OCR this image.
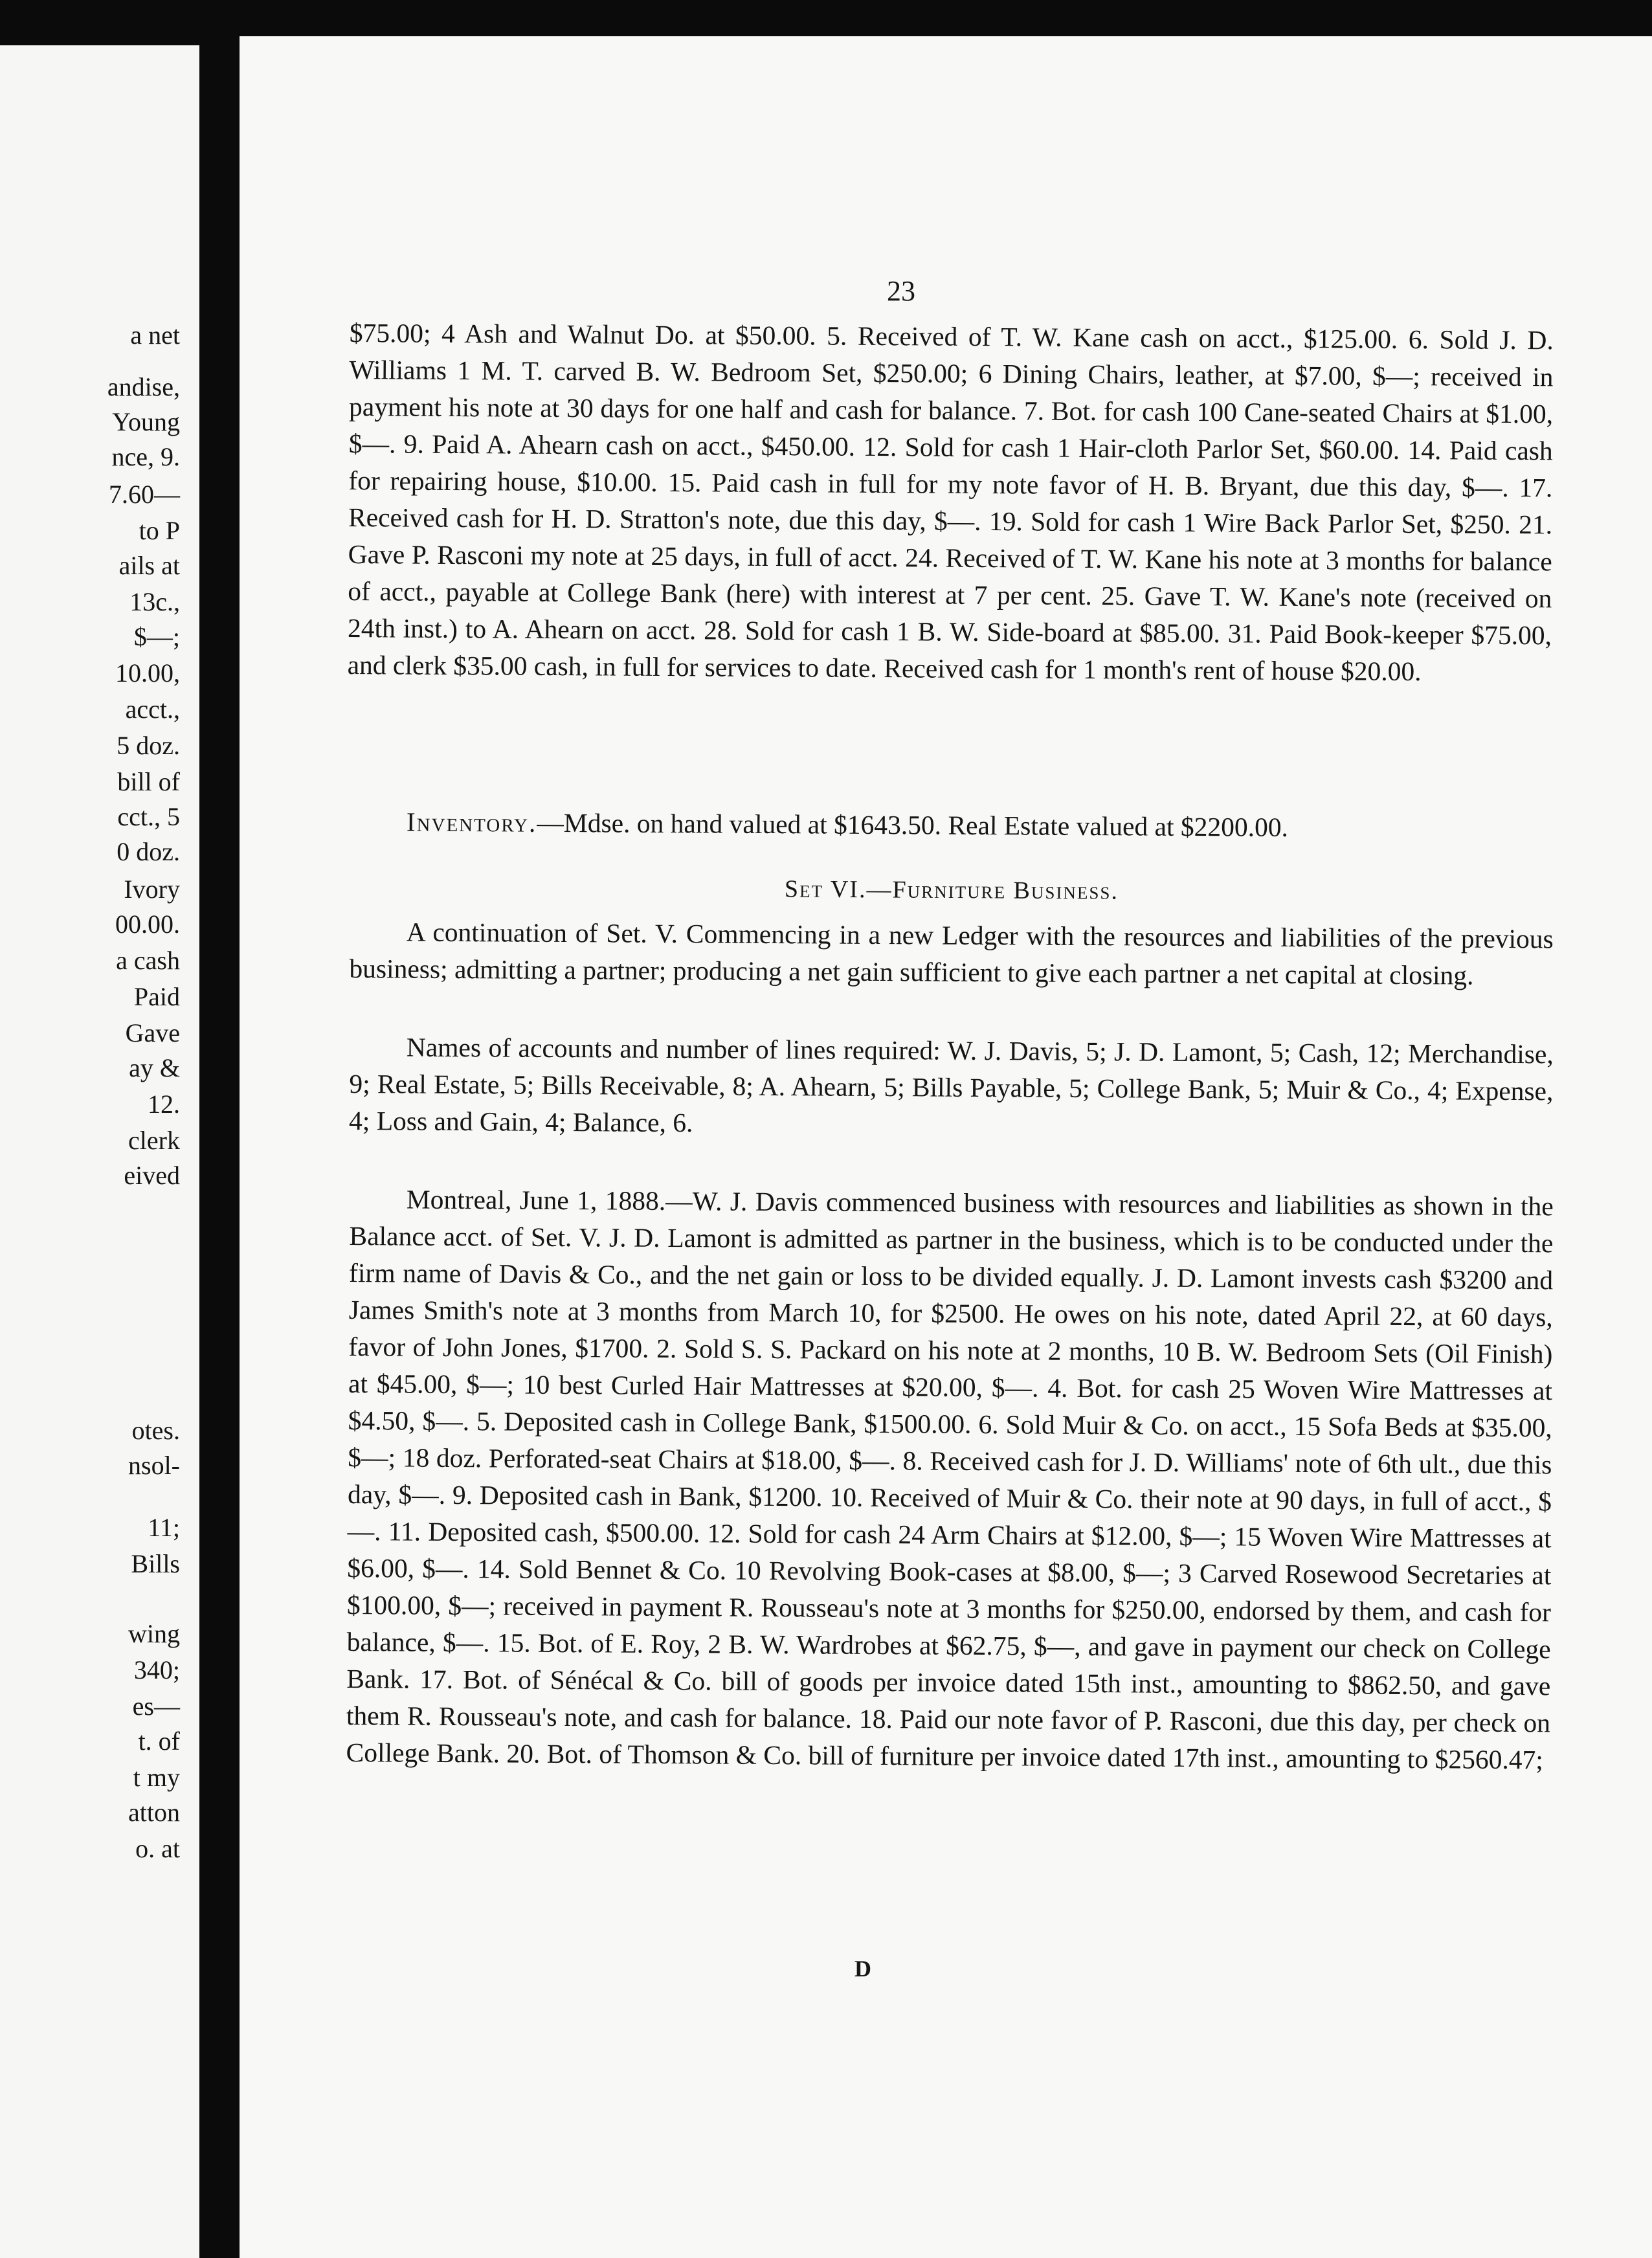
a net
andise,
Young
nce, 9.
7.60—
to P
ails at
13c.,
$—;
10.00,
acct.,
5 doz.
bill of
cct., 5
0 doz.
Ivory
00.00.
a cash
Paid
Gave
ay &
12.
clerk
eived
otes.
nsol-
11;
Bills
wing
340;
es—
t. of
t my
atton
o. at
23

$75.00; 4 Ash and Walnut Do. at $50.00. 5. Received of T. W. Kane cash on acct., $125.00. 6. Sold J. D. Williams 1 M. T. carved B. W. Bedroom Set, $250.00; 6 Dining Chairs, leather, at $7.00, $—; received in payment his note at 30 days for one half and cash for balance. 7. Bot. for cash 100 Cane-seated Chairs at $1.00, $—. 9. Paid A. Ahearn cash on acct., $450.00. 12. Sold for cash 1 Hair-cloth Parlor Set, $60.00. 14. Paid cash for repairing house, $10.00. 15. Paid cash in full for my note favor of H. B. Bryant, due this day, $—. 17. Received cash for H. D. Stratton's note, due this day, $—. 19. Sold for cash 1 Wire Back Parlor Set, $250. 21. Gave P. Rasconi my note at 25 days, in full of acct. 24. Received of T. W. Kane his note at 3 months for balance of acct., payable at College Bank (here) with interest at 7 per cent. 25. Gave T. W. Kane's note (received on 24th inst.) to A. Ahearn on acct. 28. Sold for cash 1 B. W. Side-board at $85.00. 31. Paid Book-keeper $75.00, and clerk $35.00 cash, in full for services to date. Received cash for 1 month's rent of house $20.00.

Inventory.—Mdse. on hand valued at $1643.50. Real Estate valued at $2200.00.
Set VI.—Furniture Business.

A continuation of Set. V. Commencing in a new Ledger with the resources and liabilities of the previous business; admitting a partner; producing a net gain sufficient to give each partner a net capital at closing.

Names of accounts and number of lines required: W. J. Davis, 5; J. D. Lamont, 5; Cash, 12; Merchandise, 9; Real Estate, 5; Bills Receivable, 8; A. Ahearn, 5; Bills Payable, 5; College Bank, 5; Muir & Co., 4; Expense, 4; Loss and Gain, 4; Balance, 6.

Montreal, June 1, 1888.—W. J. Davis commenced business with resources and liabilities as shown in the Balance acct. of Set. V. J. D. Lamont is admitted as partner in the business, which is to be conducted under the firm name of Davis & Co., and the net gain or loss to be divided equally. J. D. Lamont invests cash $3200 and James Smith's note at 3 months from March 10, for $2500. He owes on his note, dated April 22, at 60 days, favor of John Jones, $1700. 2. Sold S. S. Packard on his note at 2 months, 10 B. W. Bedroom Sets (Oil Finish) at $45.00, $—; 10 best Curled Hair Mattresses at $20.00, $—. 4. Bot. for cash 25 Woven Wire Mattresses at $4.50, $—. 5. Deposited cash in College Bank, $1500.00. 6. Sold Muir & Co. on acct., 15 Sofa Beds at $35.00, $—; 18 doz. Perforated-seat Chairs at $18.00, $—. 8. Received cash for J. D. Williams' note of 6th ult., due this day, $—. 9. Deposited cash in Bank, $1200. 10. Received of Muir & Co. their note at 90 days, in full of acct., $—. 11. Deposited cash, $500.00. 12. Sold for cash 24 Arm Chairs at $12.00, $—; 15 Woven Wire Mattresses at $6.00, $—. 14. Sold Bennet & Co. 10 Revolving Book-cases at $8.00, $—; 3 Carved Rosewood Secretaries at $100.00, $—; received in payment R. Rousseau's note at 3 months for $250.00, endorsed by them, and cash for balance, $—. 15. Bot. of E. Roy, 2 B. W. Wardrobes at $62.75, $—, and gave in payment our check on College Bank. 17. Bot. of Sénécal & Co. bill of goods per invoice dated 15th inst., amounting to $862.50, and gave them R. Rousseau's note, and cash for balance. 18. Paid our note favor of P. Rasconi, due this day, per check on College Bank. 20. Bot. of Thomson & Co. bill of furniture per invoice dated 17th inst., amounting to $2560.47;

D
